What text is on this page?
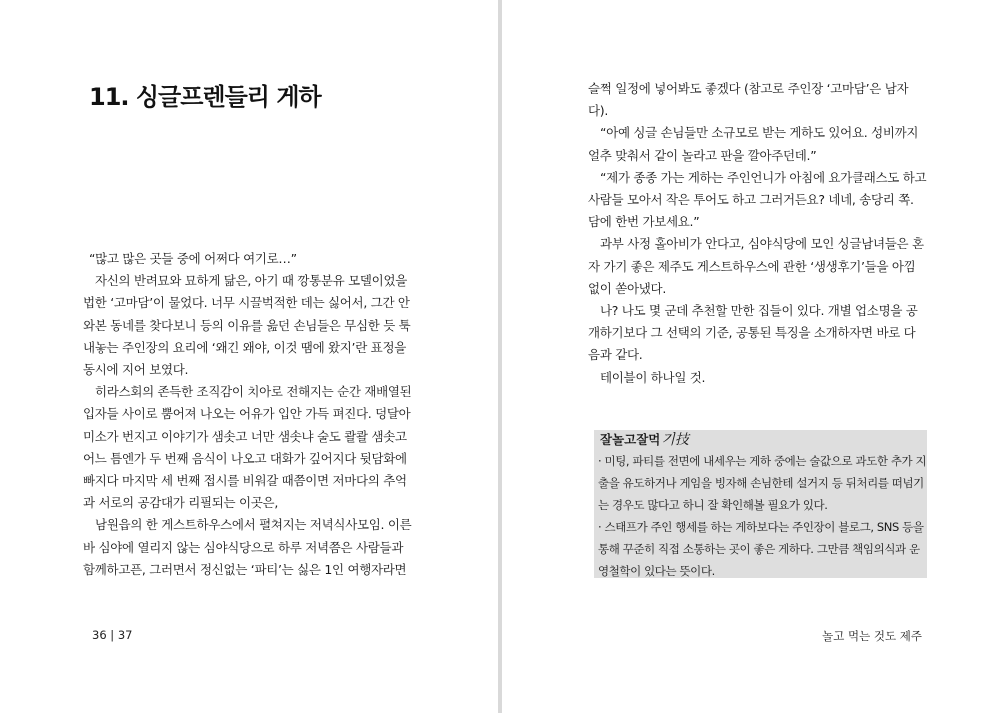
11. 싱글프렌들리 게하

“많고 많은 곳들 중에 어쩌다 여기로…”

자신의 반려묘와 묘하게 닮은, 아기 때 깡통분유 모델이었을 법한 ‘고마담’이 물었다. 너무 시끌벅적한 데는 싫어서, 그간 안 와본 동네를 찾다보니 등의 이유를 읊던 손님들은 무심한 듯 툭 내놓는 주인장의 요리에 ‘왜긴 왜야, 이것 땜에 왔지’란 표정을 동시에 지어 보였다.

히라스회의 존득한 조직감이 치아로 전해지는 순간 재배열된 입자들 사이로 뿜어져 나오는 어유가 입안 가득 펴진다. 덩달아 미소가 번지고 이야기가 샘솟고 너만 샘솟냐 술도 콸콸 샘솟고 어느 틈엔가 두 번째 음식이 나오고 대화가 깊어지다 뒷담화에 빠지다 마지막 세 번째 접시를 비워갈 때쯤이면 저마다의 추억과 서로의 공감대가 리필되는 이곳은,

남원읍의 한 게스트하우스에서 펼쳐지는 저녁식사모임. 이른바 심야에 열리지 않는 심야식당으로 하루 저녁쯤은 사람들과 함께하고픈, 그러면서 정신없는 ‘파티’는 싫은 1인 여행자라면

36 | 37

슬쩍 일정에 넣어봐도 좋겠다 (참고로 주인장 ‘고마담’은 남자다).

“아예 싱글 손님들만 소규모로 받는 게하도 있어요. 성비까지 얼추 맞춰서 같이 놀라고 판을 깔아주던데.”

“제가 종종 가는 게하는 주인언니가 아침에 요가클래스도 하고 사람들 모아서 작은 투어도 하고 그러거든요? 네네, 송당리 쪽. 담에 한번 가보세요.”

과부 사정 홀아비가 안다고, 심야식당에 모인 싱글남녀들은 혼자 가기 좋은 제주도 게스트하우스에 관한 ‘생생후기’들을 아낌없이 쏟아냈다.

나? 나도 몇 군데 추천할 만한 집들이 있다. 개별 업소명을 공개하기보다 그 선택의 기준, 공통된 특징을 소개하자면 바로 다음과 같다.

테이블이 하나일 것.

잘놀고잘먹기技

· 미팅, 파티를 전면에 내세우는 게하 중에는 술값으로 과도한 추가 지출을 유도하거나 게임을 빙자해 손님한테 설거지 등 뒤처리를 떠넘기는 경우도 많다고 하니 잘 확인해볼 필요가 있다.

· 스태프가 주인 행세를 하는 게하보다는 주인장이 블로그, SNS 등을 통해 꾸준히 직접 소통하는 곳이 좋은 게하다. 그만큼 책임의식과 운영철학이 있다는 뜻이다.

놀고 먹는 것도 제주
